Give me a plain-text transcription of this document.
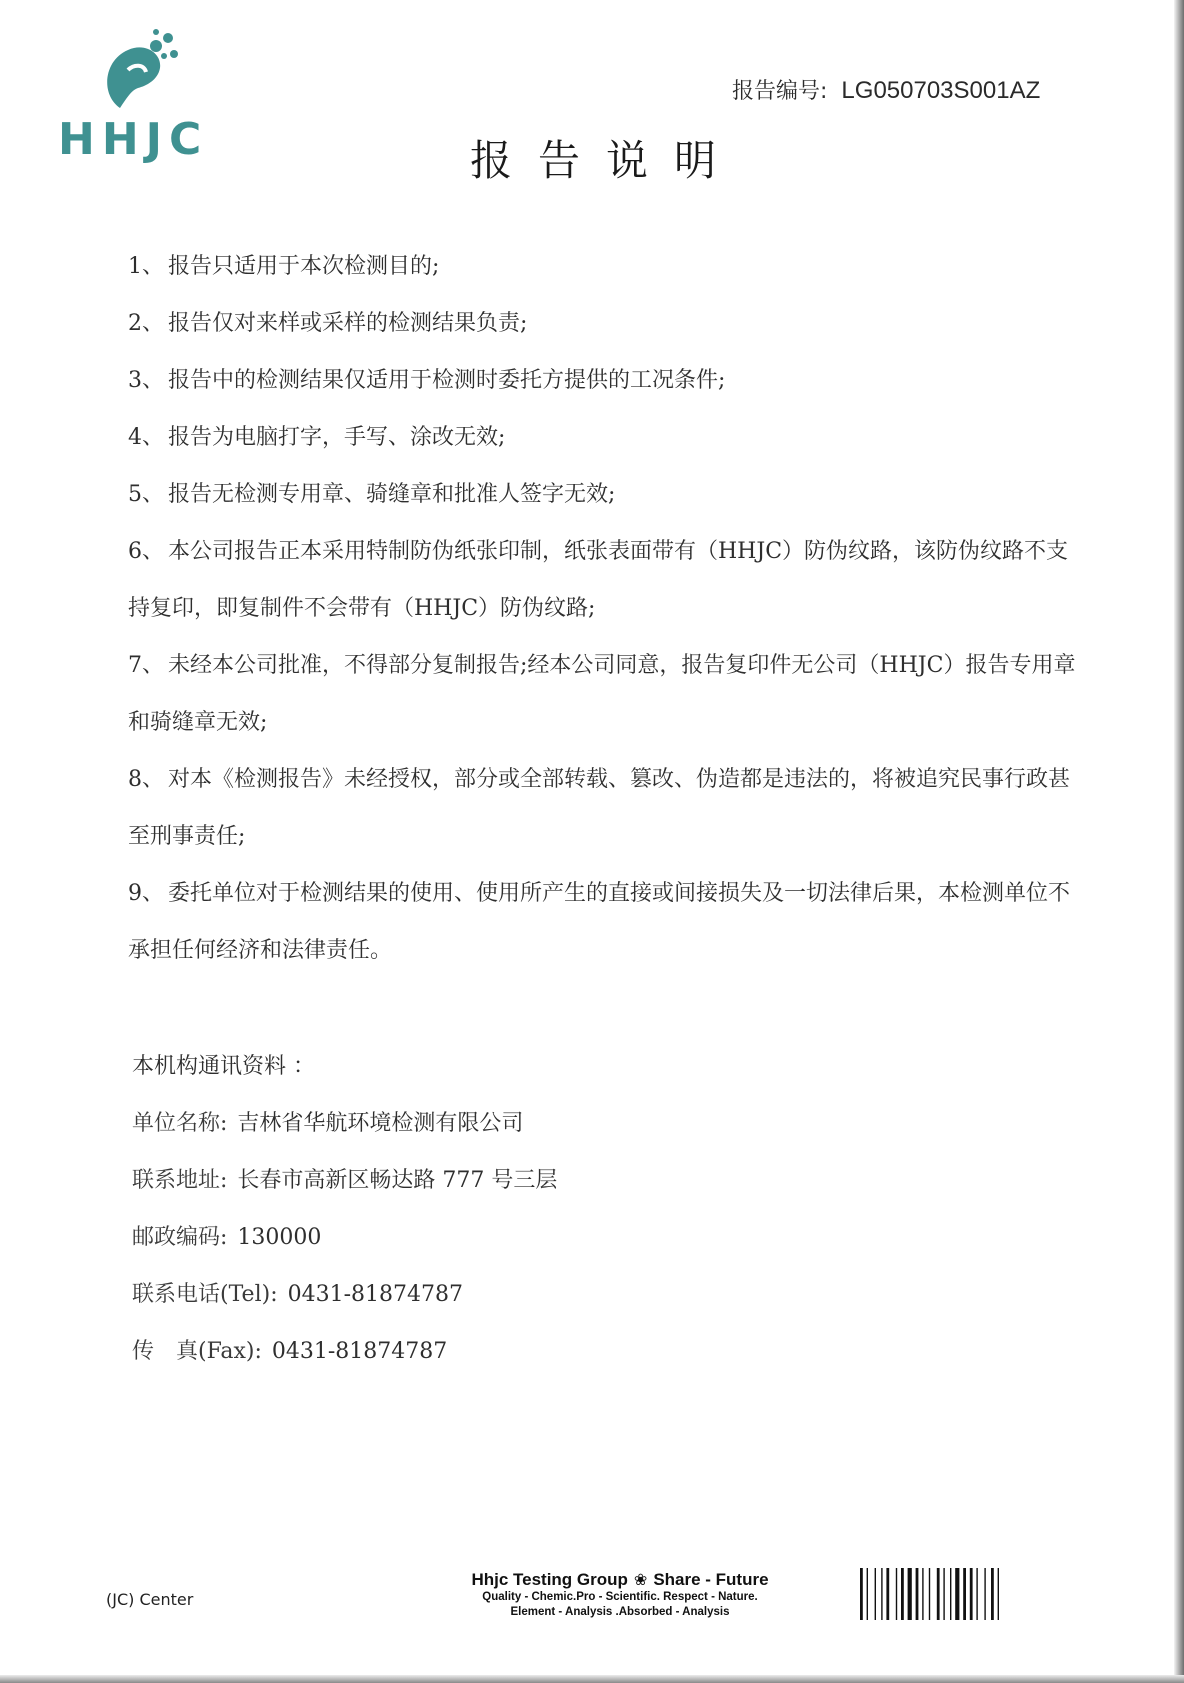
HHJC
报告编号: LG050703S001AZ
报告说明
1、 报告只适用于本次检测目的;
2、 报告仅对来样或采样的检测结果负责;
3、 报告中的检测结果仅适用于检测时委托方提供的工况条件;
4、 报告为电脑打字，手写、涂改无效;
5、 报告无检测专用章、骑缝章和批准人签字无效;
6、 本公司报告正本采用特制防伪纸张印制，纸张表面带有（HHJC）防伪纹路，该防伪纹路不支持复印，即复制件不会带有（HHJC）防伪纹路;
7、 未经本公司批准，不得部分复制报告;经本公司同意，报告复印件无公司（HHJC）报告专用章和骑缝章无效;
8、 对本《检测报告》未经授权，部分或全部转载、篡改、伪造都是违法的，将被追究民事行政甚至刑事责任;
9、 委托单位对于检测结果的使用、使用所产生的直接或间接损失及一切法律后果，本检测单位不承担任何经济和法律责任。
本机构通讯资料 ：
单位名称: 吉林省华航环境检测有限公司
联系地址: 长春市高新区畅达路 777 号三层
邮政编码: 130000
联系电话(Tel): 0431-81874787
传　真(Fax): 0431-81874787
(JC) Center
Hhjc Testing Group ❀ Share - Future
Quality - Chemic.Pro - Scientific. Respect - Nature.
Element - Analysis .Absorbed - Analysis
